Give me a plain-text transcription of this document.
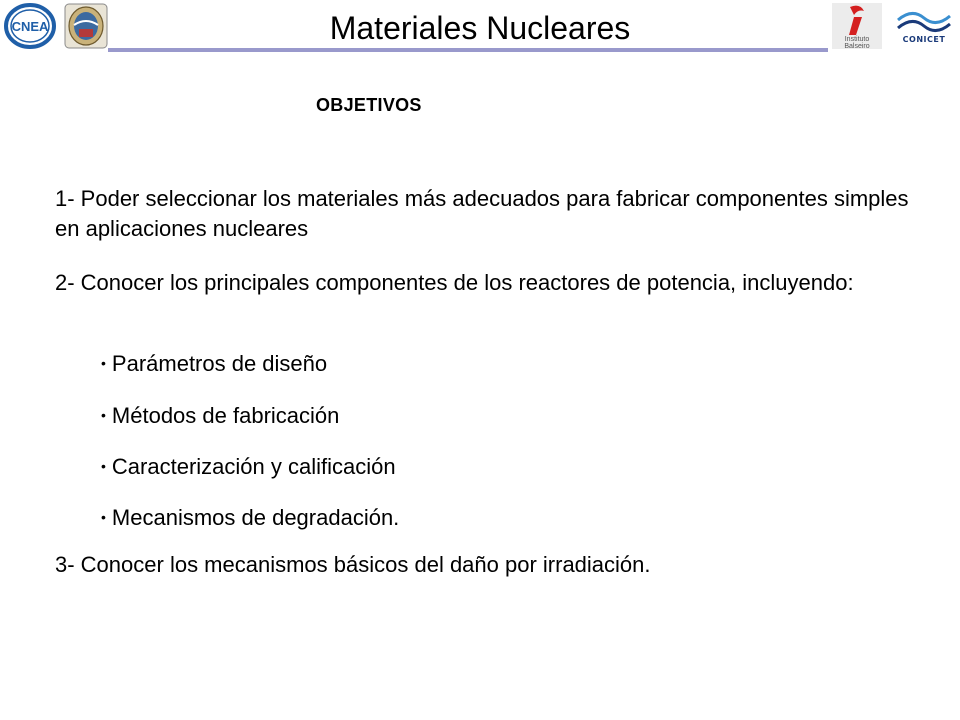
CNEA	Materiales Nucleares	Instituto
Balseiro
CONICET
OBJETIVOS
1- Poder seleccionar los materiales más adecuados para fabricar componentes simples en aplicaciones nucleares
2- Conocer los principales componentes de los reactores de potencia, incluyendo:
• Parámetros de diseño
• Métodos de fabricación
• Caracterización y calificación
• Mecanismos de degradación.
3- Conocer los mecanismos básicos del daño por irradiación.
